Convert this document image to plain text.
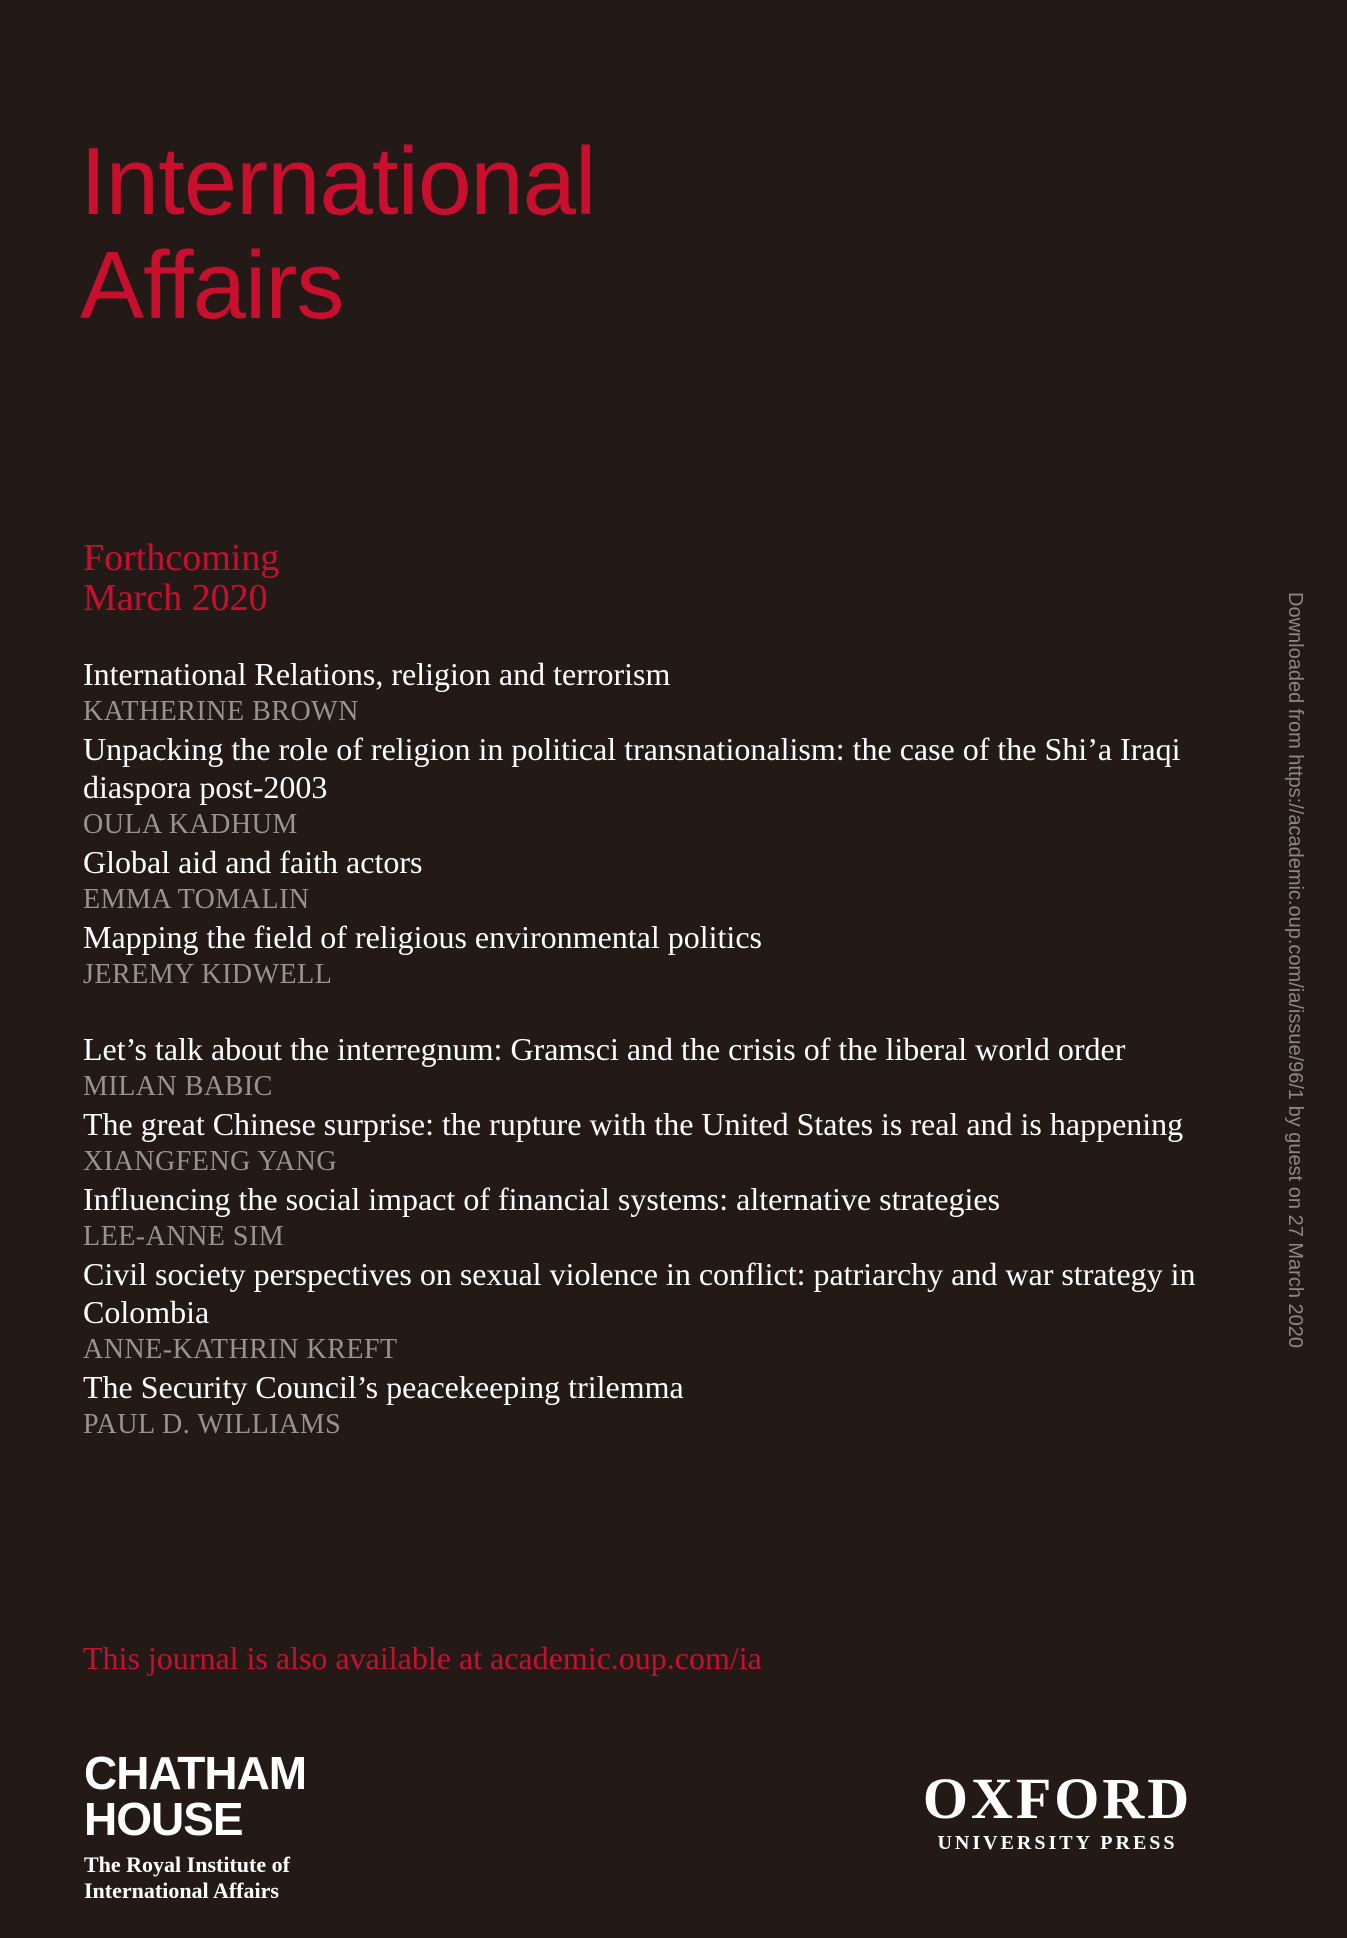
International
Affairs
Forthcoming
March 2020
International Relations, religion and terrorism
KATHERINE BROWN
Unpacking the role of religion in political transnationalism: the case of the Shi’a Iraqi diaspora post-2003
OULA KADHUM
Global aid and faith actors
EMMA TOMALIN
Mapping the field of religious environmental politics
JEREMY KIDWELL
Let’s talk about the interregnum: Gramsci and the crisis of the liberal world order
MILAN BABIC
The great Chinese surprise: the rupture with the United States is real and is happening
XIANGFENG YANG
Influencing the social impact of financial systems: alternative strategies
LEE-ANNE SIM
Civil society perspectives on sexual violence in conflict: patriarchy and war strategy in Colombia
ANNE-KATHRIN KREFT
The Security Council’s peacekeeping trilemma
PAUL D. WILLIAMS
This journal is also available at academic.oup.com/ia
CHATHAM
HOUSE
The Royal Institute of
International Affairs
OXFORD
UNIVERSITY PRESS
Downloaded from https://academic.oup.com/ia/issue/96/1 by guest on 27 March 2020
